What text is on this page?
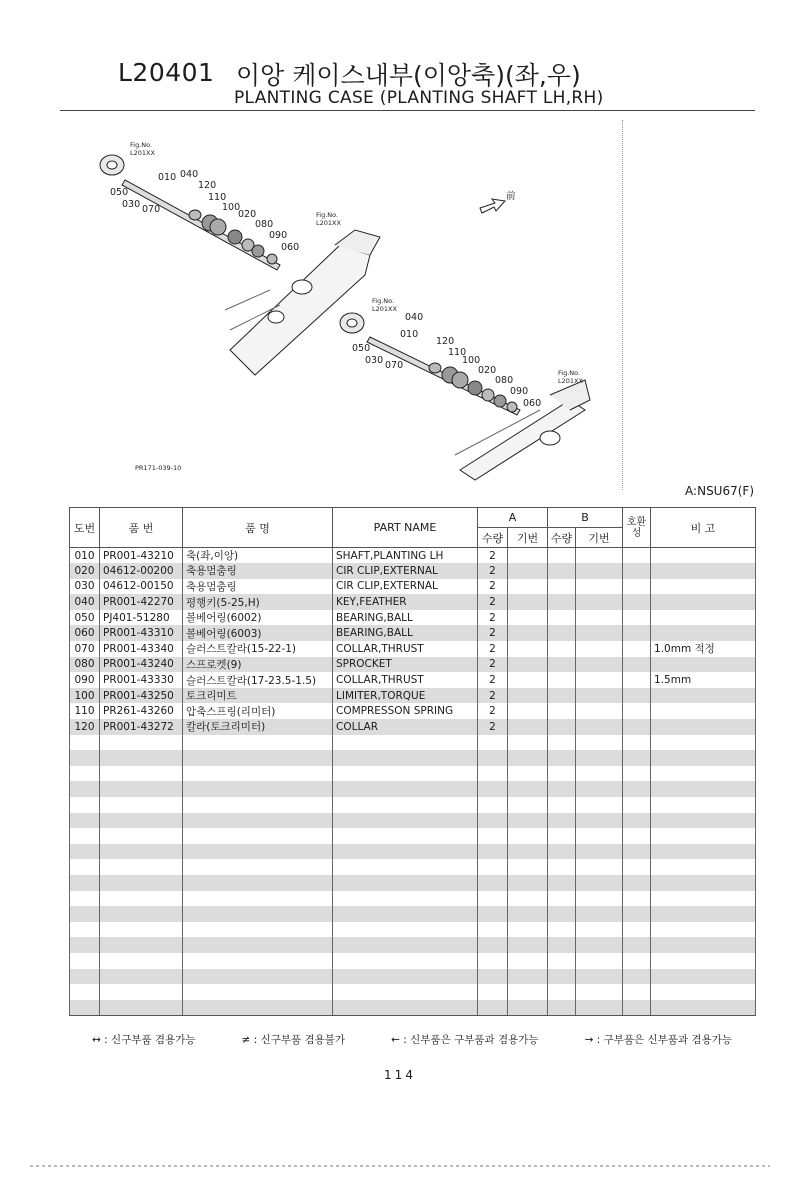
L20401 이앙 케이스내부(이앙축)(좌,우)
PLANTING CASE (PLANTING SHAFT LH,RH)
Fig.No.
L201XX
010 040
120
050	110
030 070	100
020
080
090
060
Fig.No.
L201XX
前
Fig.No.
L201XX
040
010
120
050	110
030 070	100
020
080
090
060
Fig.No.
L201XX
PR171-039-10
A:NSU67(F)
도번	품 번	품 명	PART NAME	A		B		호환성	비 고
				수량	기번	수량	기번		
010	PR001-43210	축(좌,이앙)	SHAFT,PLANTING LH	2					
020	04612-00200	축용멈춤링	CIR CLIP,EXTERNAL	2					
030	04612-00150	축용멈춤링	CIR CLIP,EXTERNAL	2					
040	PR001-42270	평행키(5-25,H)	KEY,FEATHER	2					
050	PJ401-51280	볼베어링(6002)	BEARING,BALL	2					
060	PR001-43310	볼베어링(6003)	BEARING,BALL	2					
070	PR001-43340	슬러스트칼라(15-22-1)	COLLAR,THRUST	2					1.0mm 적정
080	PR001-43240	스프로켓(9)	SPROCKET	2					
090	PR001-43330	슬러스트칼라(17-23.5-1.5)	COLLAR,THRUST	2					1.5mm
100	PR001-43250	토크리미트	LIMITER,TORQUE	2					
110	PR261-43260	압축스프링(리미터)	COMPRESSON SPRING	2					
120	PR001-43272	칼라(토크리미터)	COLLAR	2					

↔ : 신구부품 겸용가능	≠ : 신구부품 겸용불가	← : 신부품은 구부품과 겸용가능	→ : 구부품은 신부품과 겸용가능
114
